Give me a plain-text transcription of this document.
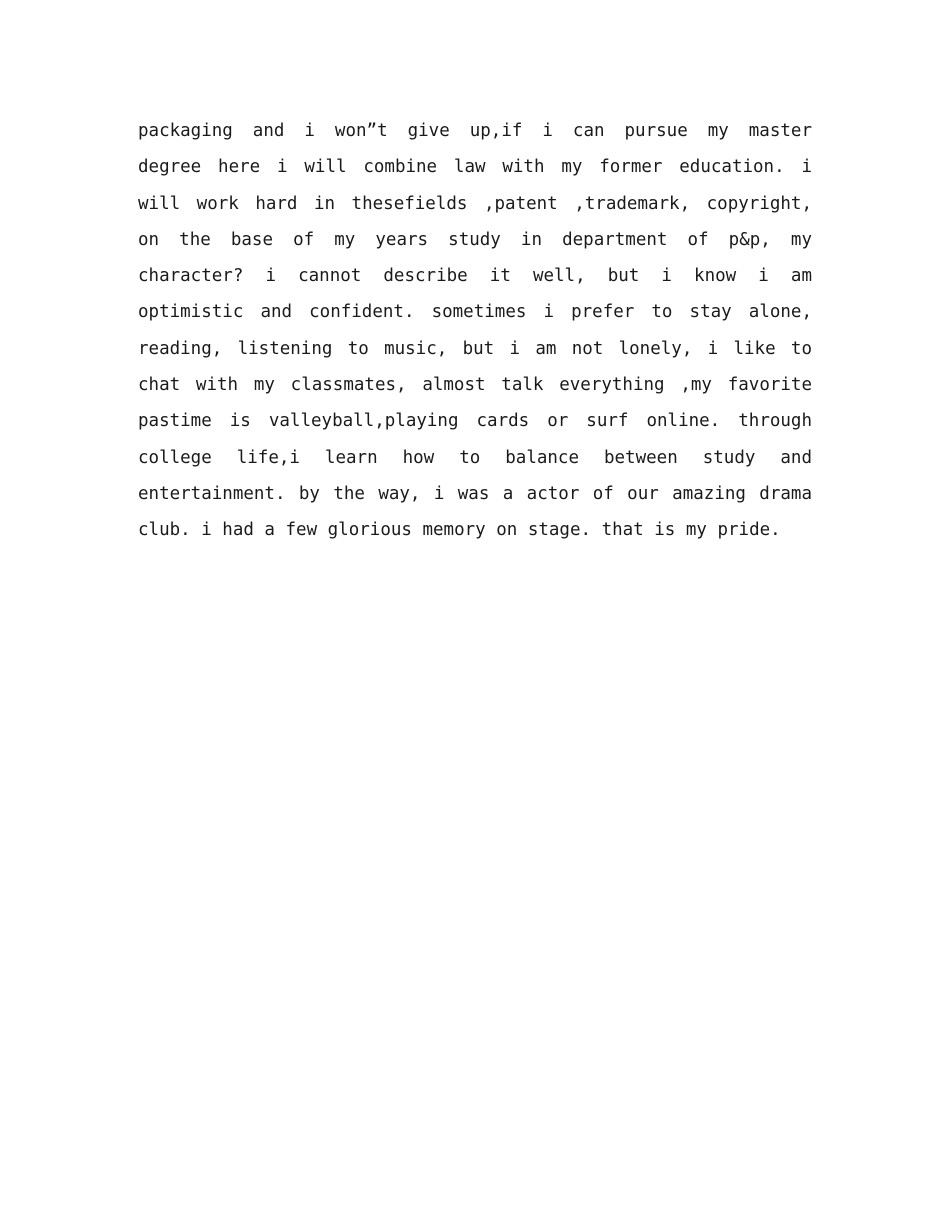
packaging and i won”t give up,if i can pursue my master
degree here i will combine law with my former education. i
will work hard in thesefields ,patent ,trademark, copyright,
on the base of my years study in department of p&p, my
character? i cannot describe it well, but i know i am
optimistic and confident. sometimes i prefer to stay alone,
reading, listening to music, but i am not lonely, i like to
chat with my classmates, almost talk everything ,my favorite
pastime is valleyball,playing cards or surf online. through
college life,i learn how to balance between study and
entertainment. by the way, i was a actor of our amazing drama
club. i had a few glorious memory on stage. that is my pride.
